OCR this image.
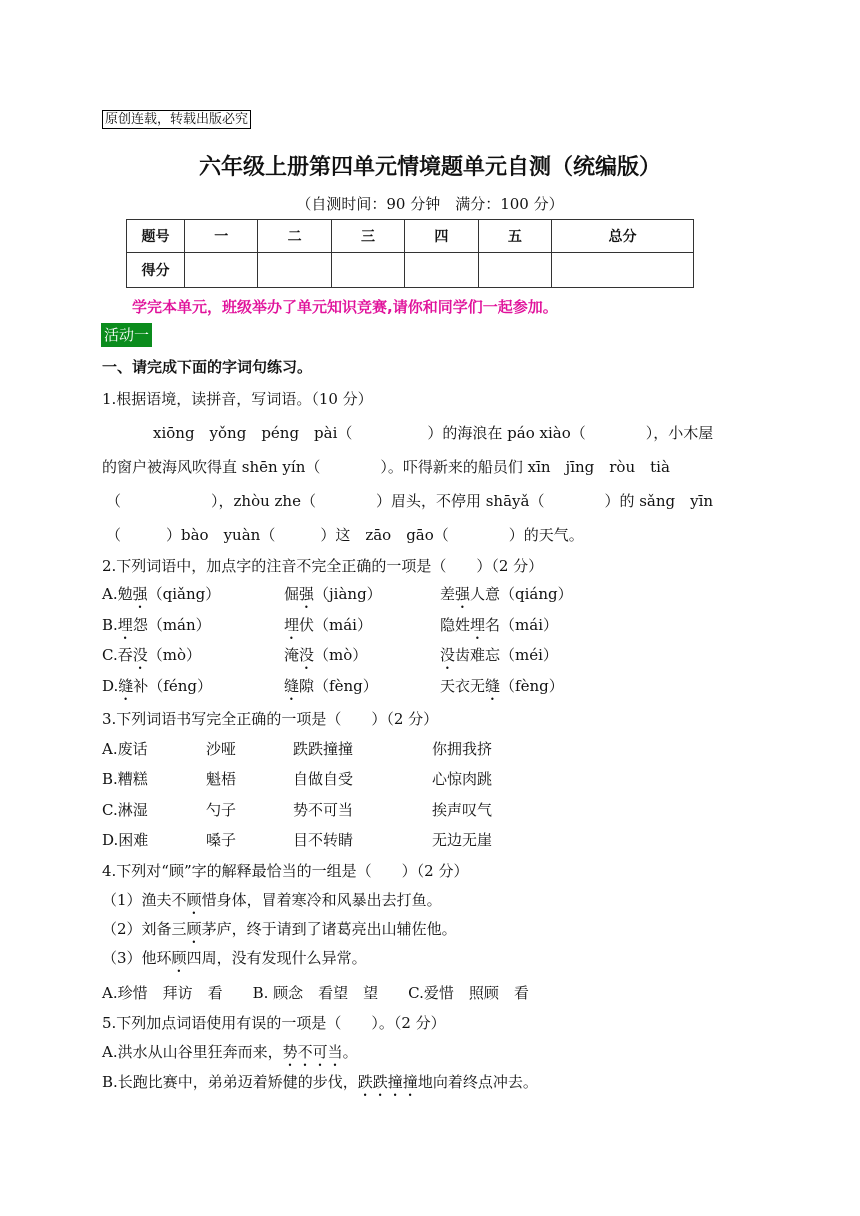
原创连载，转载出版必究
六年级上册第四单元情境题单元自测（统编版）
（自测时间：90 分钟　满分：100 分）
题号	一	二	三	四	五	总分
得分						
学完本单元，班级举办了单元知识竞赛,请你和同学们一起参加。
活动一
一、请完成下面的字词句练习。
1.根据语境，读拼音，写词语。（10 分）
xiōng　yǒng　péng　pài（　　　　　）的海浪在 páo xiào（　　　　），小木屋
的窗户被海风吹得直 shēn yín（　　　　）。吓得新来的船员们 xīn　jīng　ròu　tià
（　　　　　　），zhòu zhe（　　　　）眉头，不停用 shāyǎ（　　　　）的 sǎng　yīn
（　　　）bào　yuàn（　　　）这　zāo　gāo（　　　　）的天气。
2.下列词语中，加点字的注音不完全正确的一项是（　　）（2 分）
A.勉强（qiǎng）	倔强（jiàng）	差强人意（qiáng）
B.埋怨（mán）	埋伏（mái）	隐姓埋名（mái）
C.吞没（mò）	淹没（mò）	没齿难忘（méi）
D.缝补（féng）	缝隙（fèng）	天衣无缝（fèng）
3.下列词语书写完全正确的一项是（　　）（2 分）
A.废话	沙哑	跌跌撞撞	你拥我挤
B.糟糕	魁梧	自做自受	心惊肉跳
C.淋湿	勺子	势不可当	挨声叹气
D.困难	嗓子	目不转睛	无边无崖
4.下列对“顾”字的解释最恰当的一组是（　　）（2 分）
（1）渔夫不顾惜身体，冒着寒冷和风暴出去打鱼。
（2）刘备三顾茅庐，终于请到了诸葛亮出山辅佐他。
（3）他环顾四周，没有发现什么异常。
A.珍惜　拜访　看　　B. 顾念　看望　望　　C.爱惜　照顾　看
5.下列加点词语使用有误的一项是（　　）。（2 分）
A.洪水从山谷里狂奔而来，势不可当。
B.长跑比赛中，弟弟迈着矫健的步伐，跌跌撞撞地向着终点冲去。
